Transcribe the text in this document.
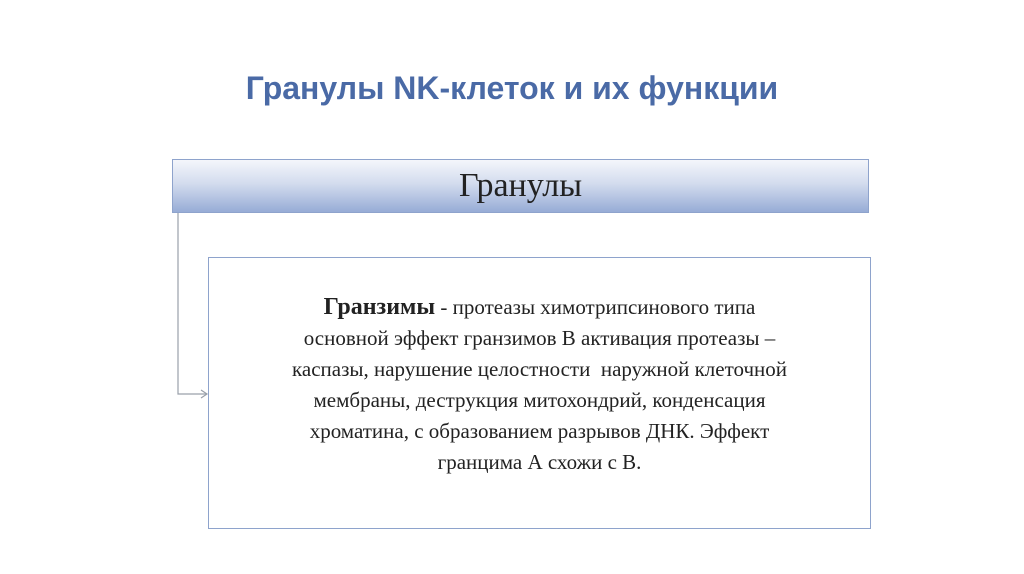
Гранулы NK-клеток и их функции
Гранулы
Гранзимы - протеазы химотрипсинового типа
основной эффект гранзимов В активация протеазы –
каспазы, нарушение целостности  наружной клеточной
мембраны, деструкция митохондрий, конденсация
хроматина, с образованием разрывов ДНК. Эффект
гранцима А схожи с В.
